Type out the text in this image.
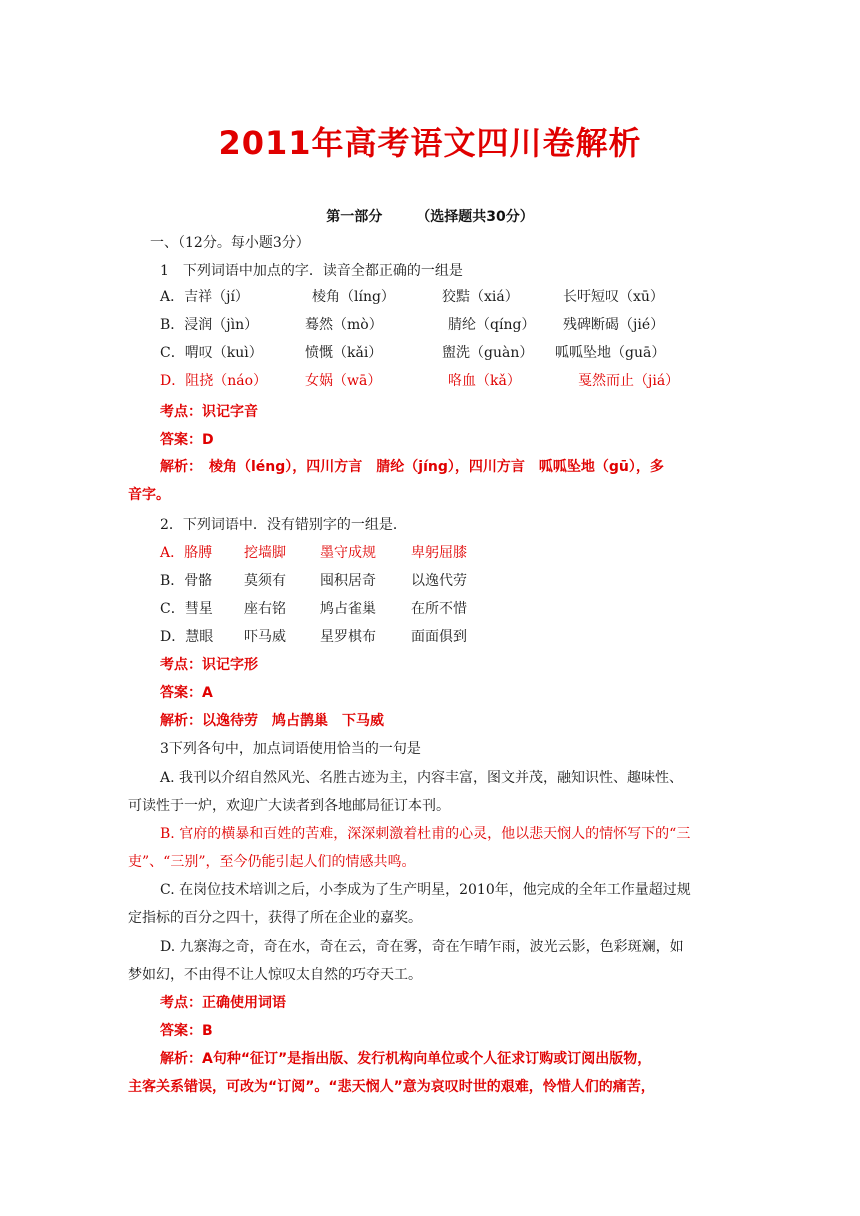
2011年高考语文四川卷解析
第一部分 （选择题共30分）
一、（12分。每小题3分）
1　下列词语中加点的字．读音全都正确的一组是
A．吉祥（jí）	棱角（líng）	狡黠（xiá）	长吁短叹（xū）
B．浸润（jìn）	蓦然（mò）	腈纶（qíng） 残碑断碣（jié）
C．喟叹（kuì）	愤慨（kǎi）	盥洗（guàn） 呱呱坠地（guā）
D．阻挠（náo）	女娲（wā）	咯血（kǎ）	戛然而止（jiá）
考点：识记字音
答案：D
解析：　棱角（léng），四川方言　腈纶（jíng），四川方言　呱呱坠地（gū），多
音字。
2．下列词语中．没有错别字的一组是．
A．胳膊 挖墙脚 墨守成规	卑躬屈膝
B．骨骼 莫须有 囤积居奇	以逸代劳
C．彗星 座右铭 鸠占雀巢	在所不惜
D．慧眼 吓马威 星罗棋布	面面俱到
考点：识记字形
答案：A
解析：以逸待劳　鸠占鹊巢　下马威
3下列各句中，加点词语使用恰当的一句是
A. 我刊以介绍自然风光、名胜古迹为主，内容丰富，图文并茂，融知识性、趣味性、
可读性于一炉，欢迎广大读者到各地邮局征订本刊。
B. 官府的横暴和百姓的苦难，深深刺激着杜甫的心灵，他以悲天悯人的情怀写下的“三
吏”、“三别”，至今仍能引起人们的情感共鸣。
C. 在岗位技术培训之后，小李成为了生产明星，2010年，他完成的全年工作量超过规
定指标的百分之四十，获得了所在企业的嘉奖。
D. 九寨海之奇，奇在水，奇在云，奇在雾，奇在乍晴乍雨，波光云影，色彩斑斓，如
梦如幻，不由得不让人惊叹太自然的巧夺天工。
考点：正确使用词语
答案：B
解析：A句种“征订”是指出版、发行机构向单位或个人征求订购或订阅出版物，
主客关系错误，可改为“订阅”。“悲天悯人”意为哀叹时世的艰难，怜惜人们的痛苦，
